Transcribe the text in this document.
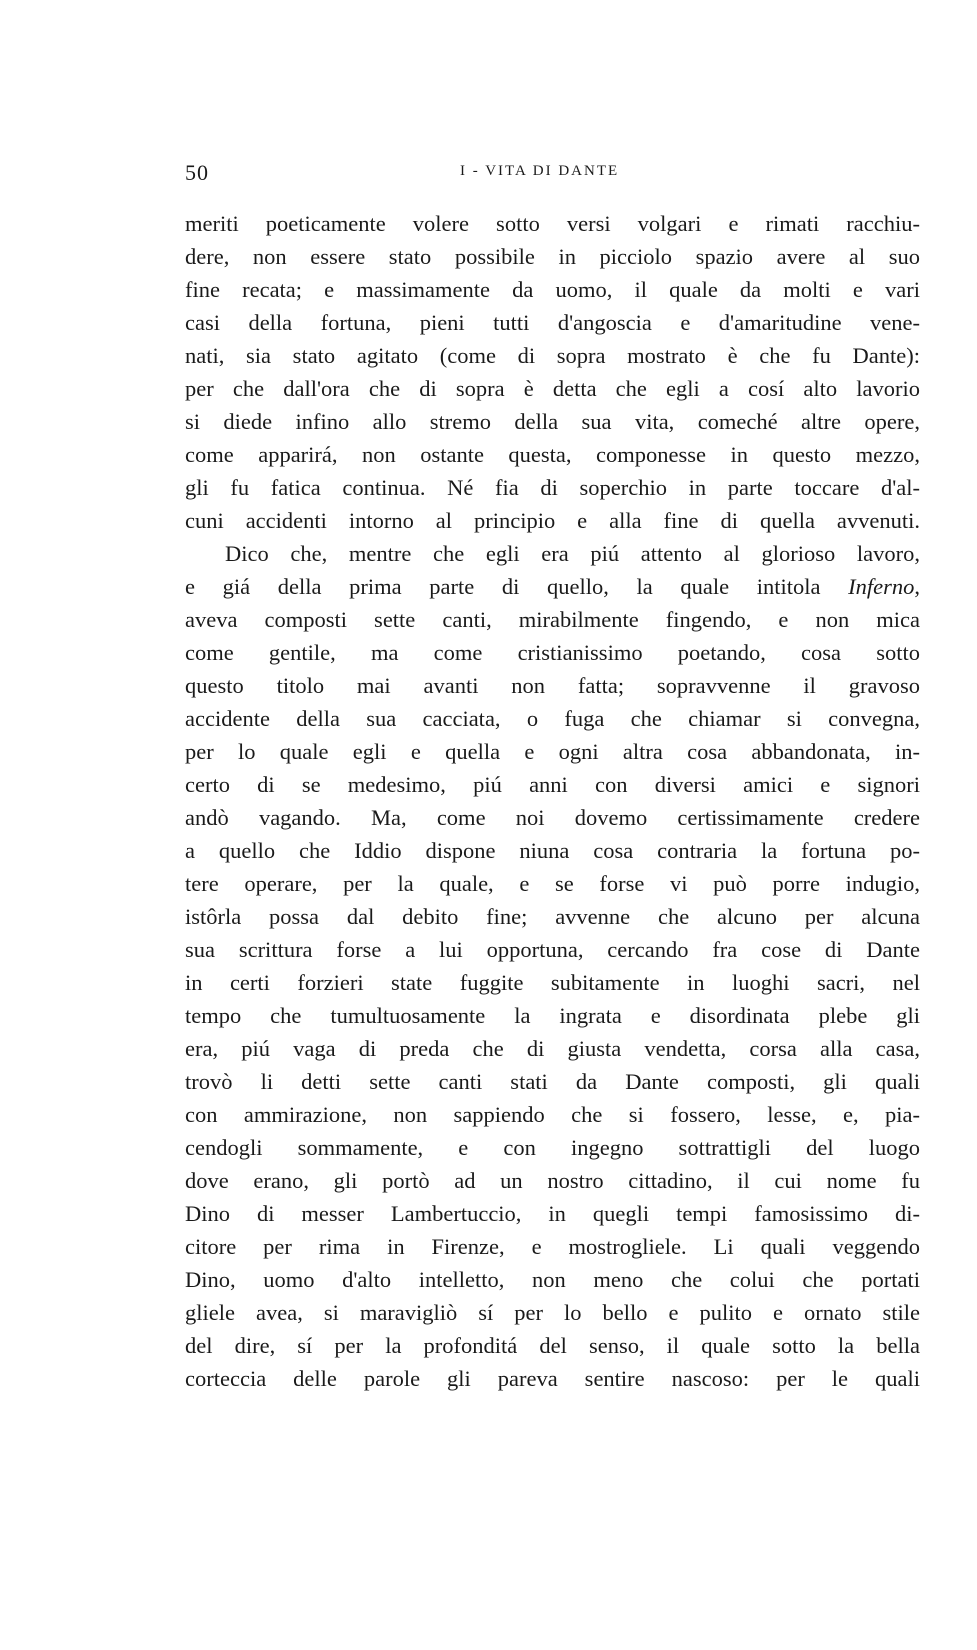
50	I - VITA DI DANTE
meriti poeticamente volere sotto versi volgari e rimati racchiu-
dere, non essere stato possibile in picciolo spazio avere al suo
fine recata; e massimamente da uomo, il quale da molti e vari
casi della fortuna, pieni tutti d'angoscia e d'amaritudine vene-
nati, sia stato agitato (come di sopra mostrato è che fu Dante):
per che dall'ora che di sopra è detta che egli a cosí alto lavorio
si diede infino allo stremo della sua vita, comeché altre opere,
come apparirá, non ostante questa, componesse in questo mezzo,
gli fu fatica continua. Né fia di soperchio in parte toccare d'al-
cuni accidenti intorno al principio e alla fine di quella avvenuti.
Dico che, mentre che egli era piú attento al glorioso lavoro,
e giá della prima parte di quello, la quale intitola Inferno,
aveva composti sette canti, mirabilmente fingendo, e non mica
come gentile, ma come cristianissimo poetando, cosa sotto
questo titolo mai avanti non fatta; sopravvenne il gravoso
accidente della sua cacciata, o fuga che chiamar si convegna,
per lo quale egli e quella e ogni altra cosa abbandonata, in-
certo di se medesimo, piú anni con diversi amici e signori
andò vagando. Ma, come noi dovemo certissimamente credere
a quello che Iddio dispone niuna cosa contraria la fortuna po-
tere operare, per la quale, e se forse vi può porre indugio,
istôrla possa dal debito fine; avvenne che alcuno per alcuna
sua scrittura forse a lui opportuna, cercando fra cose di Dante
in certi forzieri state fuggite subitamente in luoghi sacri, nel
tempo che tumultuosamente la ingrata e disordinata plebe gli
era, piú vaga di preda che di giusta vendetta, corsa alla casa,
trovò li detti sette canti stati da Dante composti, gli quali
con ammirazione, non sappiendo che si fossero, lesse, e, pia-
cendogli sommamente, e con ingegno sottrattigli del luogo
dove erano, gli portò ad un nostro cittadino, il cui nome fu
Dino di messer Lambertuccio, in quegli tempi famosissimo di-
citore per rima in Firenze, e mostrogliele. Li quali veggendo
Dino, uomo d'alto intelletto, non meno che colui che portati
gliele avea, si maravigliò sí per lo bello e pulito e ornato stile
del dire, sí per la profonditá del senso, il quale sotto la bella
corteccia delle parole gli pareva sentire nascoso: per le quali
